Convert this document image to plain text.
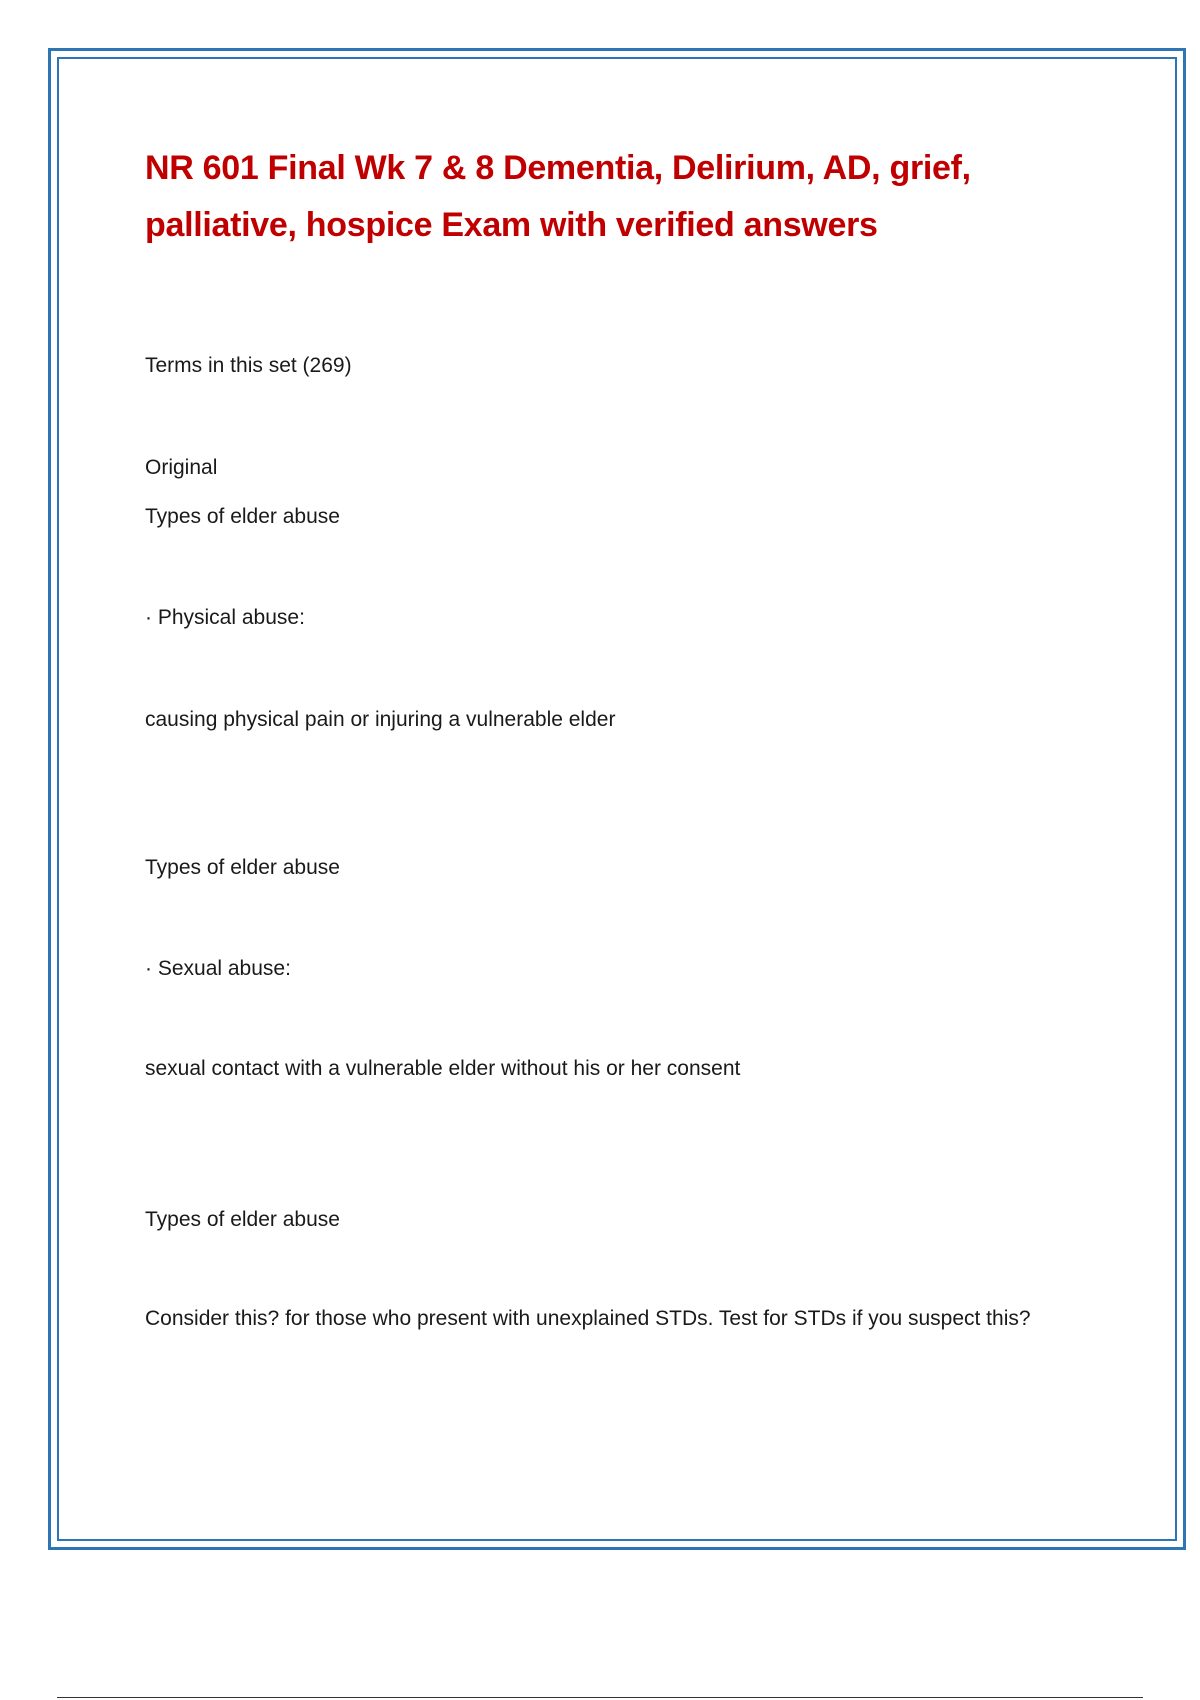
NR 601 Final Wk 7 & 8 Dementia, Delirium, AD, grief, palliative, hospice Exam with verified answers

Terms in this set (269)

Original

Types of elder abuse

· Physical abuse:

causing physical pain or injuring a vulnerable elder

Types of elder abuse

· Sexual abuse:

sexual contact with a vulnerable elder without his or her consent

Types of elder abuse

Consider this? for those who present with unexplained STDs. Test for STDs if you suspect this?
